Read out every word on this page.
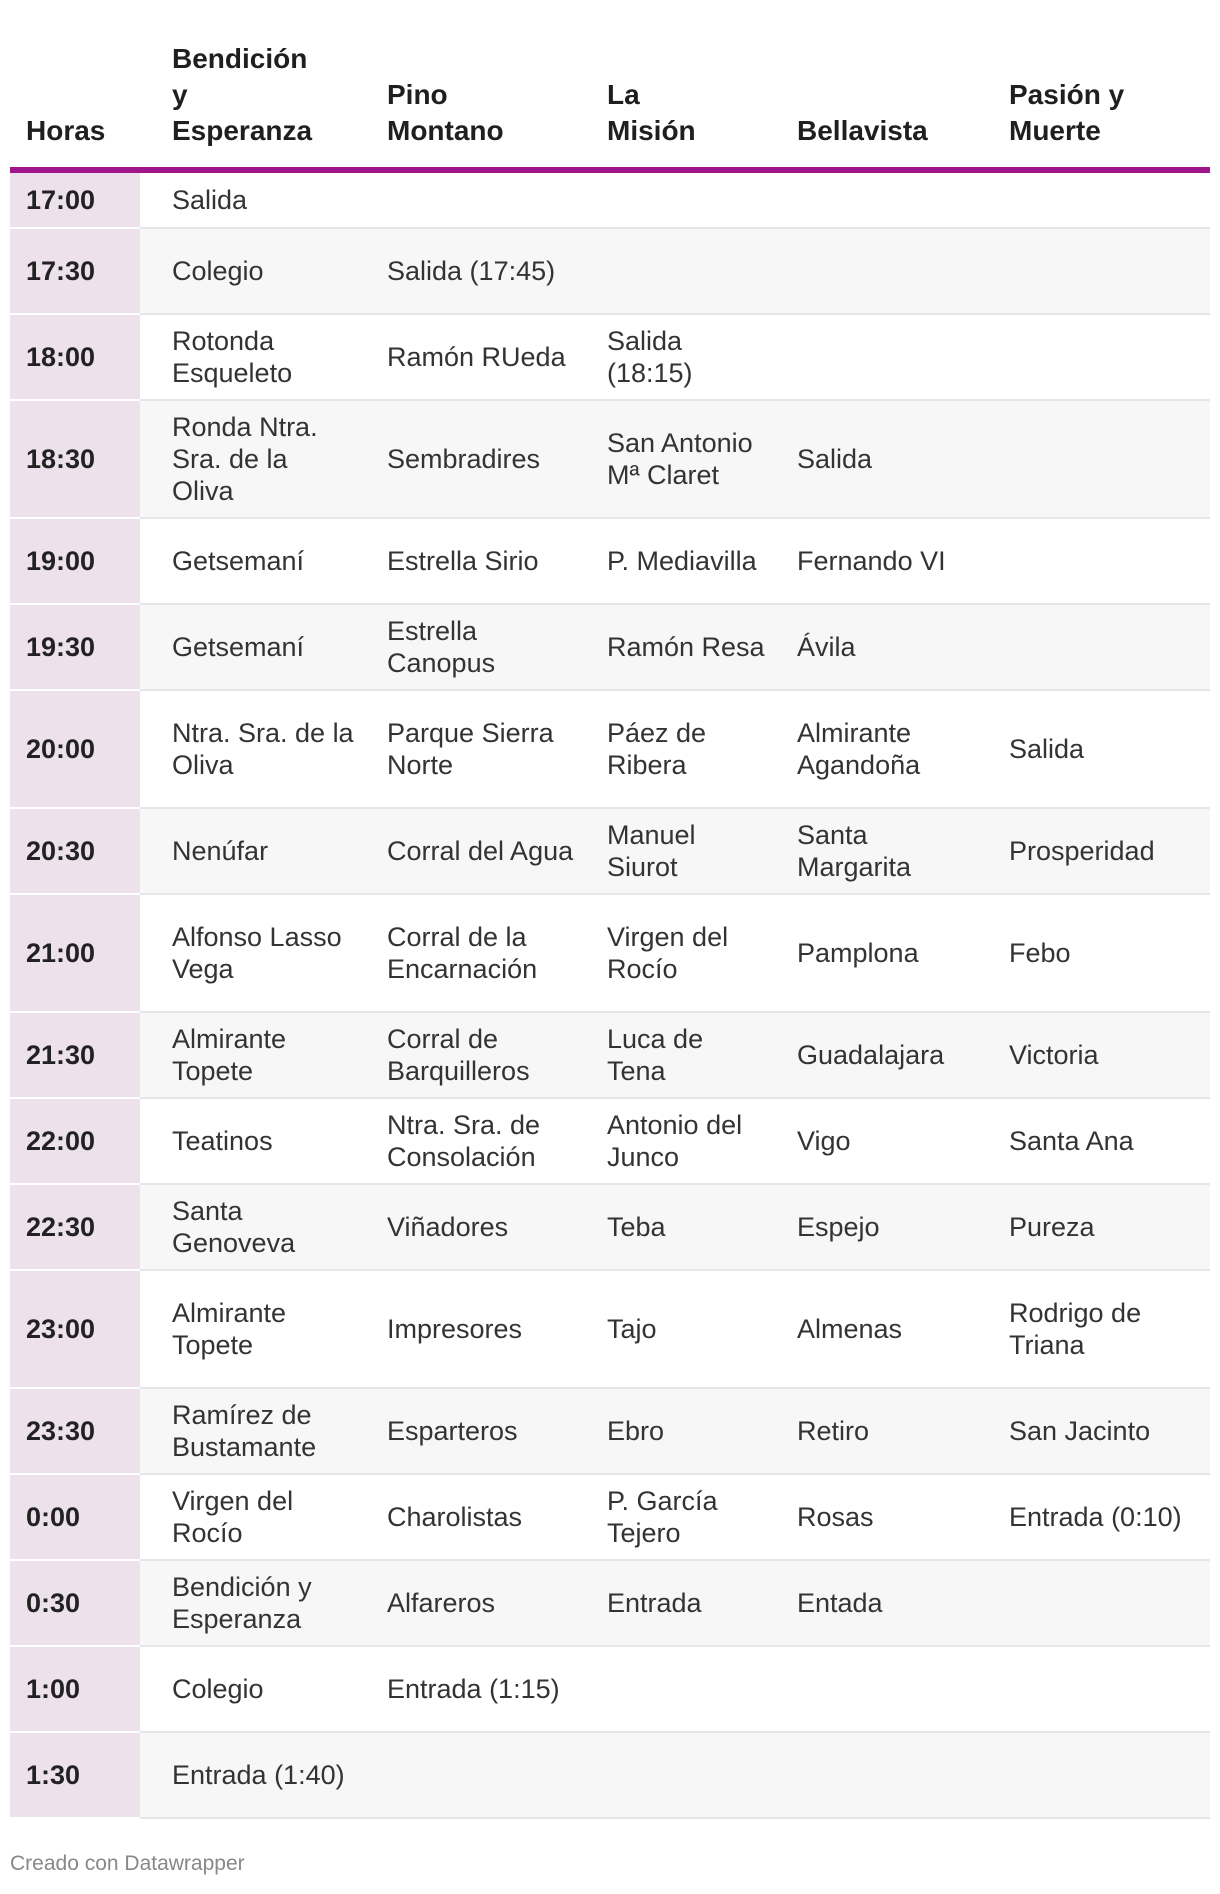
Horas	Bendición y Esperanza	Pino Montano	La Misión	Bellavista	Pasión y Muerte
17:00	Salida				
17:30	Colegio	Salida (17:45)			
18:00	Rotonda Esqueleto	Ramón RUeda	Salida (18:15)		
18:30	Ronda Ntra. Sra. de la Oliva	Sembradires	San Antonio Mª Claret	Salida	
19:00	Getsemaní	Estrella Sirio	P. Mediavilla	Fernando VI	
19:30	Getsemaní	Estrella Canopus	Ramón Resa	Ávila	
20:00	Ntra. Sra. de la Oliva	Parque Sierra Norte	Páez de Ribera	Almirante Agandoña	Salida
20:30	Nenúfar	Corral del Agua	Manuel Siurot	Santa Margarita	Prosperidad
21:00	Alfonso Lasso Vega	Corral de la Encarnación	Virgen del Rocío	Pamplona	Febo
21:30	Almirante Topete	Corral de Barquilleros	Luca de Tena	Guadalajara	Victoria
22:00	Teatinos	Ntra. Sra. de Consolación	Antonio del Junco	Vigo	Santa Ana
22:30	Santa Genoveva	Viñadores	Teba	Espejo	Pureza
23:00	Almirante Topete	Impresores	Tajo	Almenas	Rodrigo de Triana
23:30	Ramírez de Bustamante	Esparteros	Ebro	Retiro	San Jacinto
0:00	Virgen del Rocío	Charolistas	P. García Tejero	Rosas	Entrada (0:10)
0:30	Bendición y Esperanza	Alfareros	Entrada	Entada	
1:00	Colegio	Entrada (1:15)			
1:30	Entrada (1:40)				
Creado con Datawrapper
